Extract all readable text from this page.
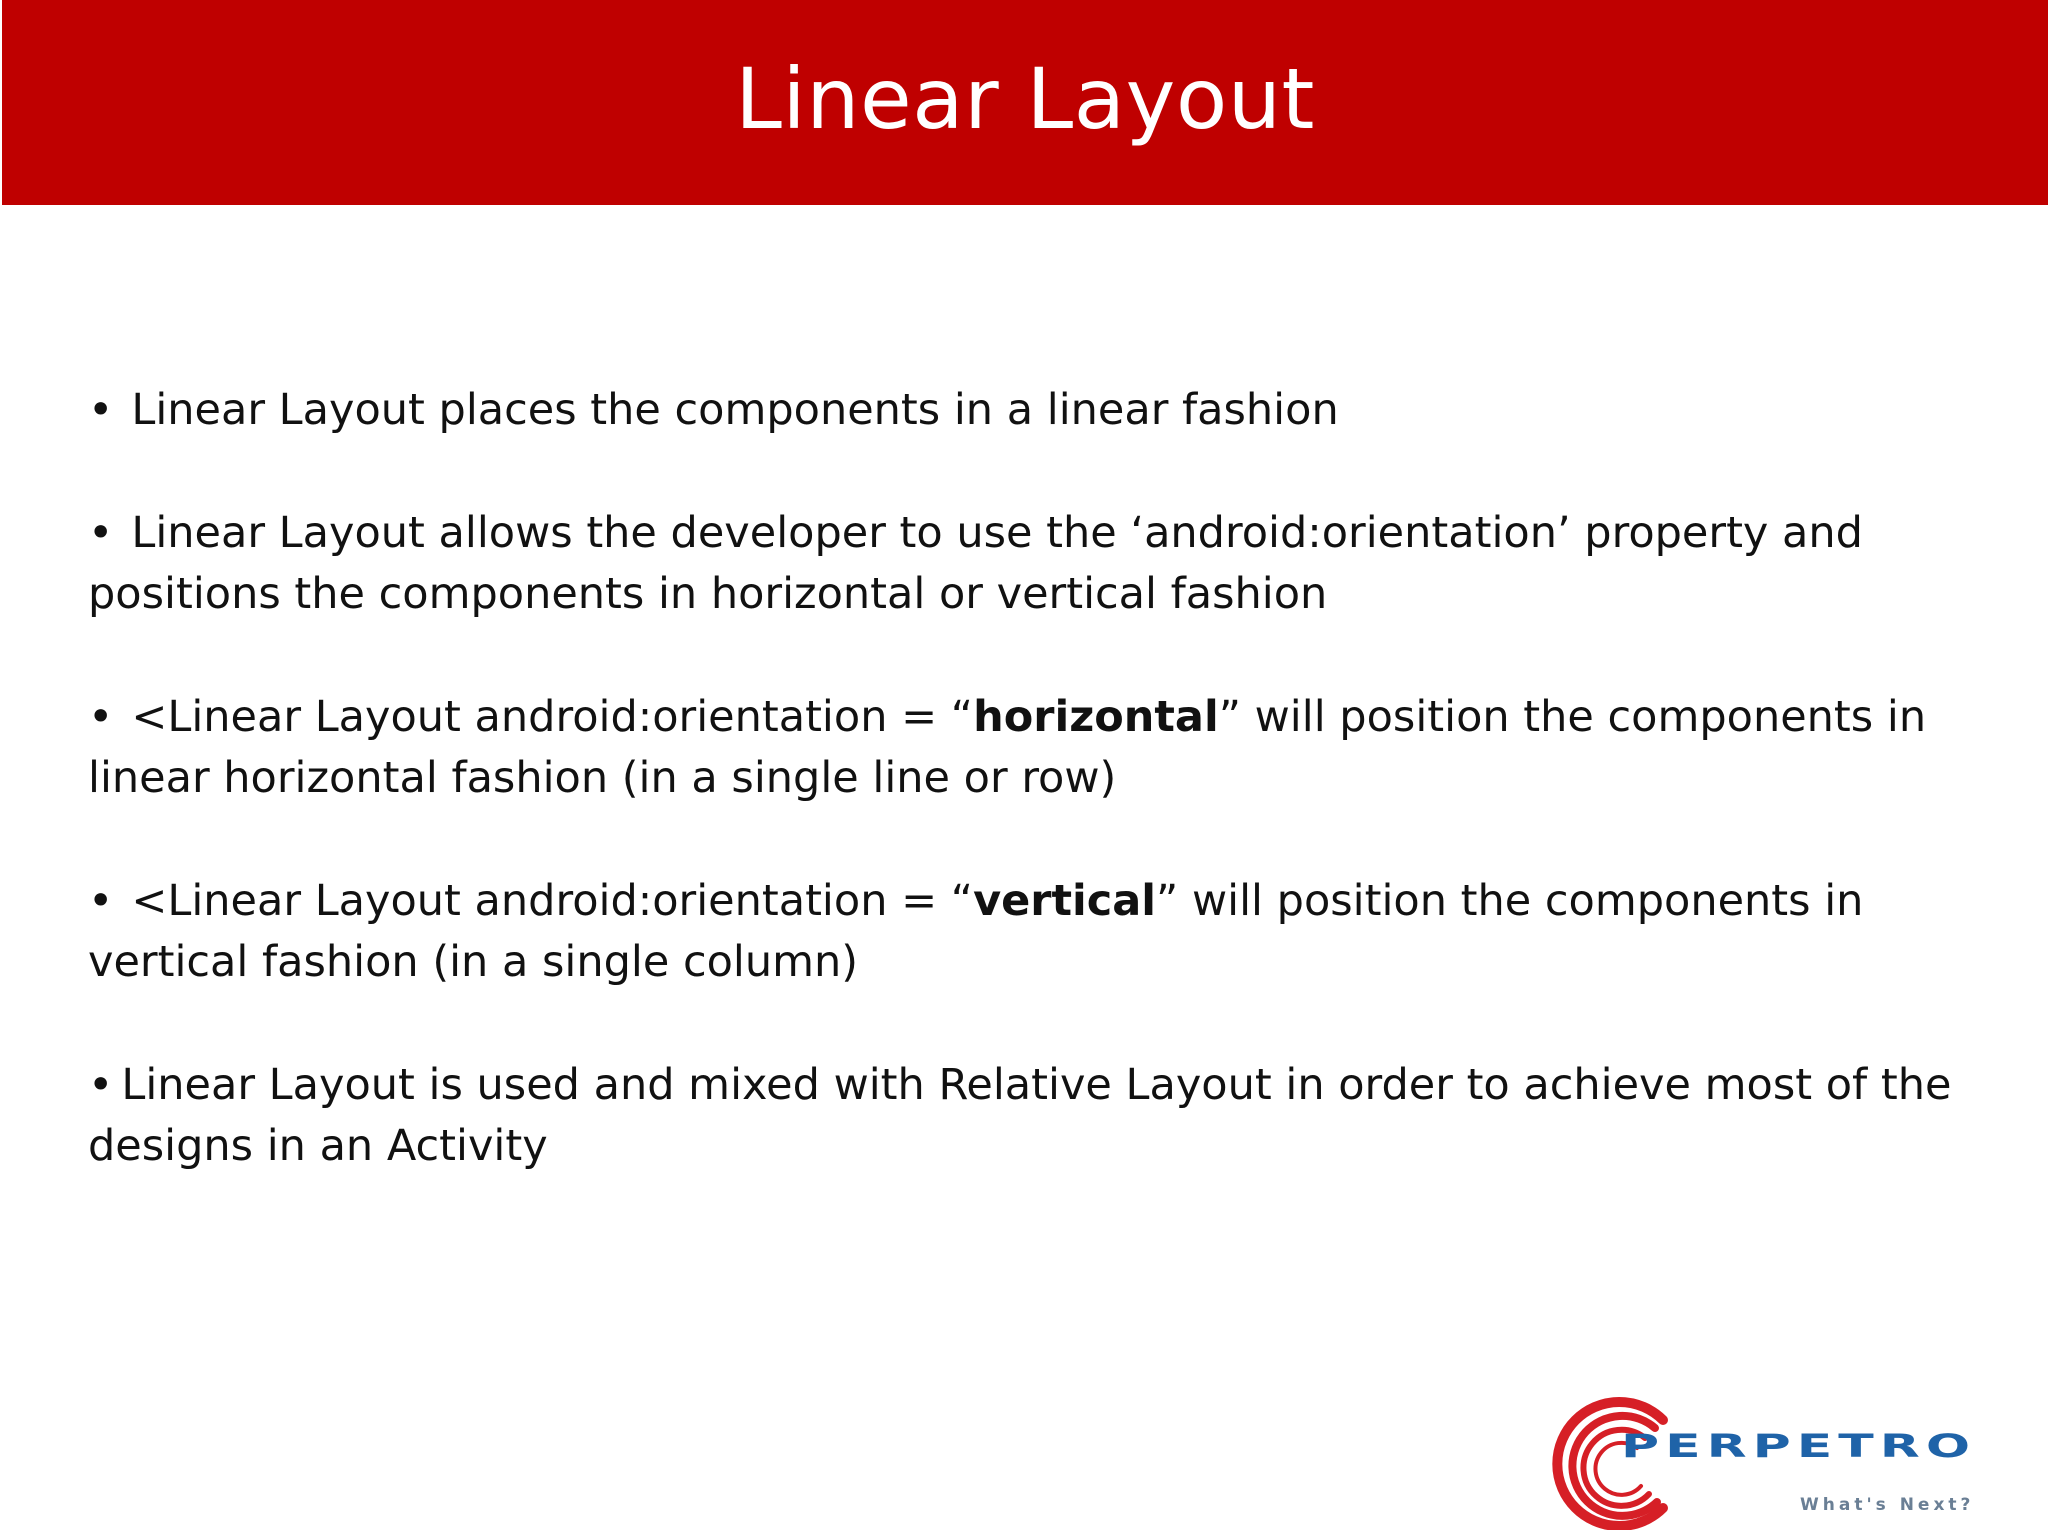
Linear Layout

• Linear Layout places the components in a linear fashion

• Linear Layout allows the developer to use the ‘android:orientation’ property and positions the components in horizontal or vertical fashion

• <Linear Layout android:orientation = “horizontal” will position the components in linear horizontal fashion (in a single line or row)

• <Linear Layout android:orientation = “vertical” will position the components in vertical fashion (in a single column)

• Linear Layout is used and mixed with Relative Layout in order to achieve most of the designs in an Activity

PERPETRO
What's Next?
